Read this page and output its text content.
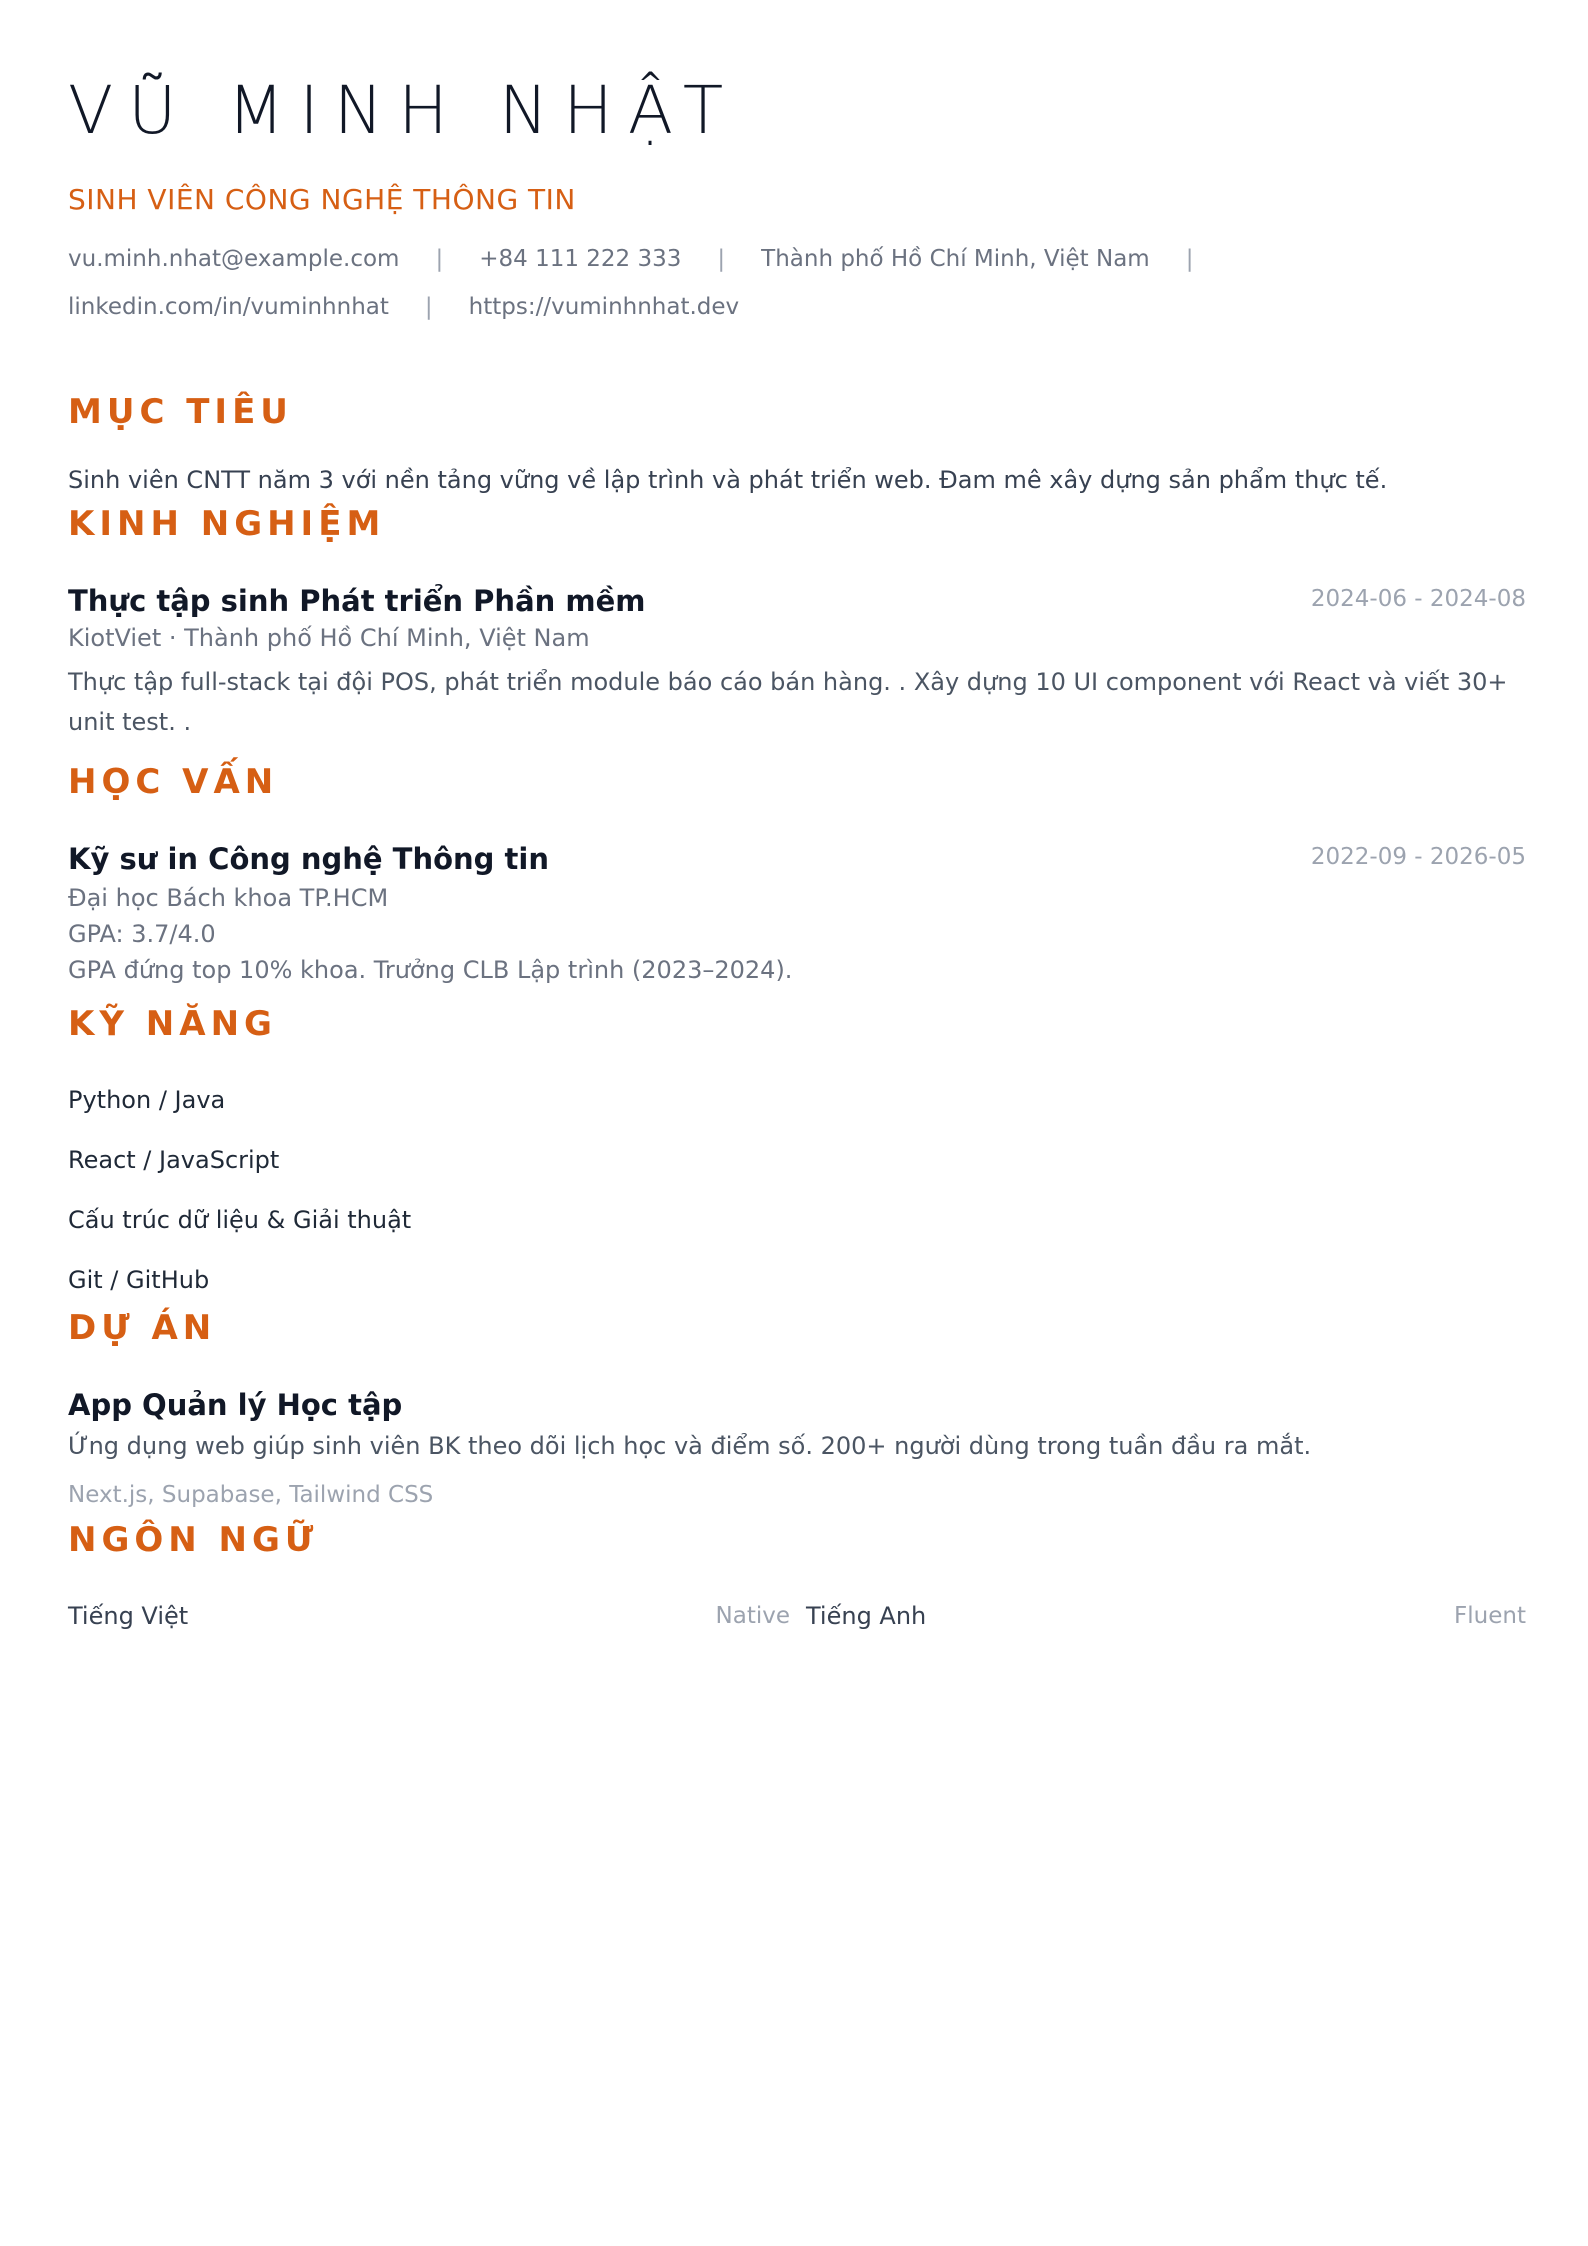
VŨ MINH NHẬT
SINH VIÊN CÔNG NGHỆ THÔNG TIN
vu.minh.nhat@example.com | +84 111 222 333 | Thành phố Hồ Chí Minh, Việt Nam |
linkedin.com/in/vuminhnhat | https://vuminhnhat.dev
MỤC TIÊU

Sinh viên CNTT năm 3 với nền tảng vững về lập trình và phát triển web. Đam mê xây dựng sản phẩm thực tế.

KINH NGHIỆM
Thực tập sinh Phát triển Phần mềm	2024-06 - 2024-08
KiotViet · Thành phố Hồ Chí Minh, Việt Nam

Thực tập full-stack tại đội POS, phát triển module báo cáo bán hàng. . Xây dựng 10 UI component với React và viết 30+ unit test. .

HỌC VẤN
Kỹ sư in Công nghệ Thông tin	2022-09 - 2026-05
Đại học Bách khoa TP.HCM
GPA: 3.7/4.0
GPA đứng top 10% khoa. Trưởng CLB Lập trình (2023–2024).
KỸ NĂNG
Python / Java
React / JavaScript
Cấu trúc dữ liệu & Giải thuật
Git / GitHub
DỰ ÁN
App Quản lý Học tập

Ứng dụng web giúp sinh viên BK theo dõi lịch học và điểm số. 200+ người dùng trong tuần đầu ra mắt.

Next.js, Supabase, Tailwind CSS
NGÔN NGỮ
Tiếng Việt	Native Tiếng Anh	Fluent
